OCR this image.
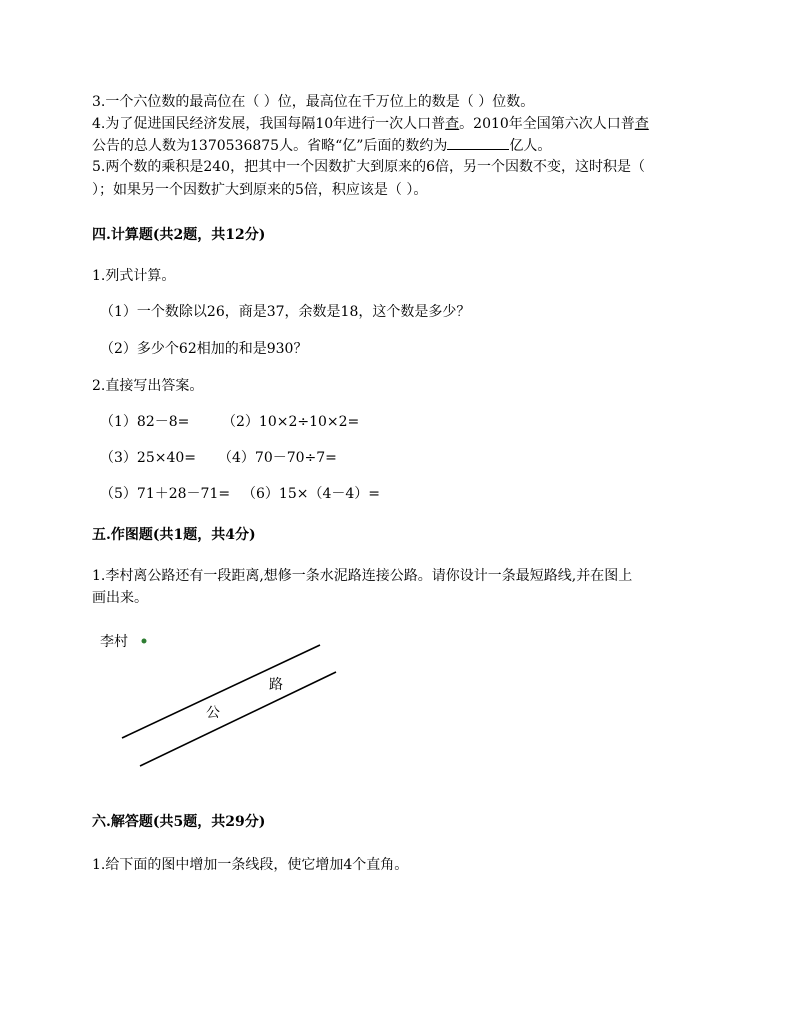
3.一个六位数的最高位在（ ）位，最高位在千万位上的数是（ ）位数。
4.为了促进国民经济发展，我国每隔10年进行一次人口普查。2010年全国第六次人口普查
公告的总人数为1370536875人。省略“亿”后面的数约为	亿人。
5.两个数的乘积是240，把其中一个因数扩大到原来的6倍，另一个因数不变，这时积是（
）；如果另一个因数扩大到原来的5倍，积应该是（ ）。
四.计算题(共2题，共12分)
1.列式计算。
（1）一个数除以26，商是37，余数是18，这个数是多少？
（2）多少个62相加的和是930？
2.直接写出答案。
（1）82－8= （2）10×2÷10×2=
（3）25×40= （4）70－70÷7=
（5）71＋28－71= （6）15×（4－4）=
五.作图题(共1题，共4分)
1.李村离公路还有一段距离,想修一条水泥路连接公路。请你设计一条最短路线,并在图上
画出来。
李村
公
路
六.解答题(共5题，共29分)
1.给下面的图中增加一条线段，使它增加4个直角。
